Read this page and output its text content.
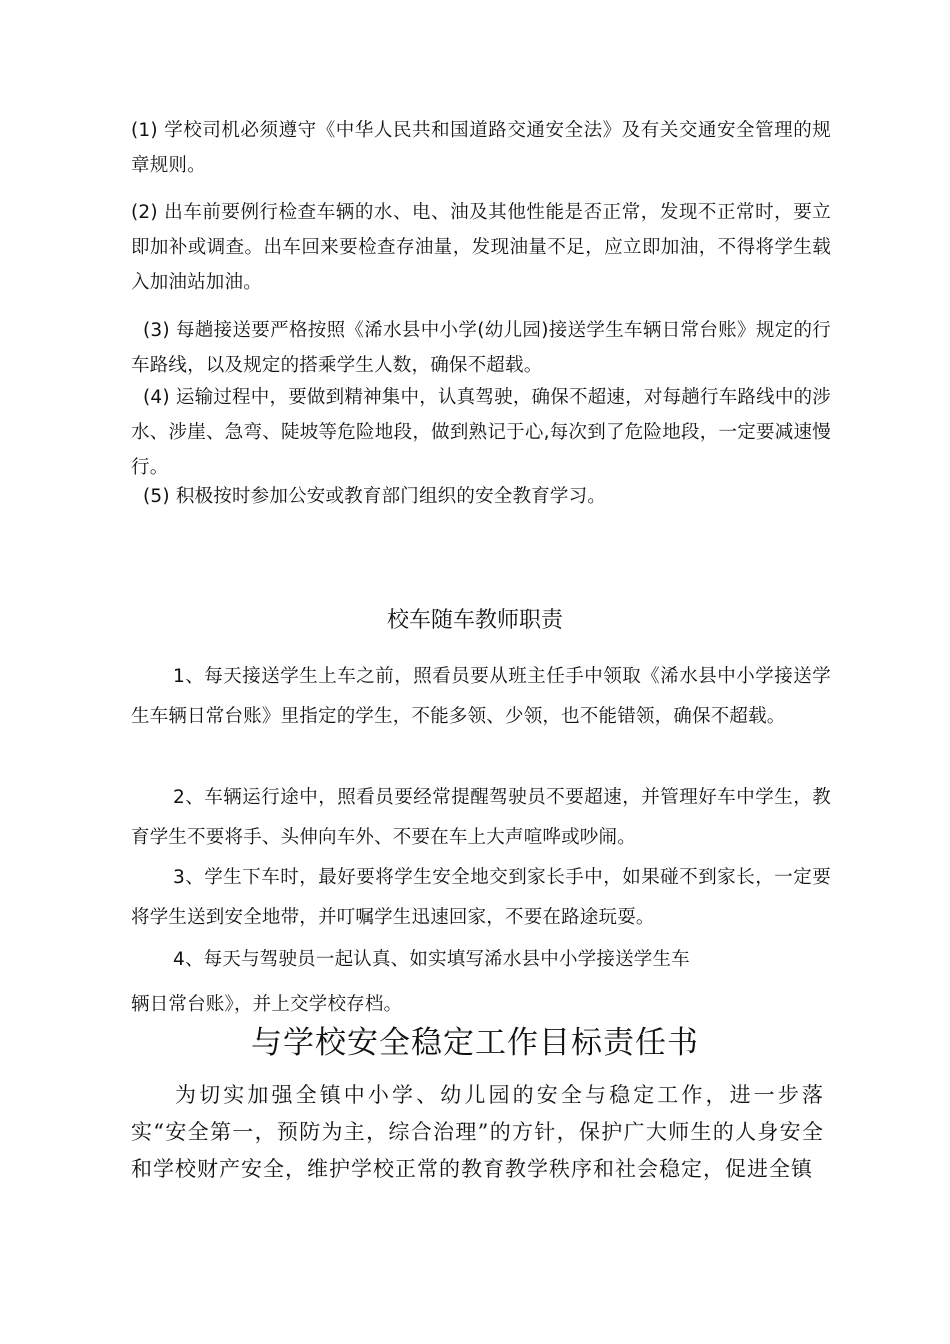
(1) 学校司机必须遵守《中华人民共和国道路交通安全法》及有关交通安全管理的规章规则。
(2) 出车前要例行检查车辆的水、电、油及其他性能是否正常，发现不正常时，要立即加补或调查。出车回来要检查存油量，发现油量不足，应立即加油，不得将学生载入加油站加油。
(3) 每趟接送要严格按照《浠水县中小学(幼儿园)接送学生车辆日常台账》规定的行车路线，以及规定的搭乘学生人数，确保不超载。
(4) 运输过程中，要做到精神集中，认真驾驶，确保不超速，对每趟行车路线中的涉水、涉崖、急弯、陡坡等危险地段，做到熟记于心,每次到了危险地段，一定要减速慢行。
(5) 积极按时参加公安或教育部门组织的安全教育学习。
校车随车教师职责
1、每天接送学生上车之前，照看员要从班主任手中领取《浠水县中小学接送学生车辆日常台账》里指定的学生，不能多领、少领，也不能错领，确保不超载。
2、车辆运行途中，照看员要经常提醒驾驶员不要超速，并管理好车中学生，教育学生不要将手、头伸向车外、不要在车上大声喧哗或吵闹。
3、学生下车时，最好要将学生安全地交到家长手中，如果碰不到家长，一定要将学生送到安全地带，并叮嘱学生迅速回家，不要在路途玩耍。
4、每天与驾驶员一起认真、如实填写浠水县中小学接送学生车
辆日常台账》，并上交学校存档。
与学校安全稳定工作目标责任书
为切实加强全镇中小学、幼儿园的安全与稳定工作，进一步落实“安全第一，预防为主，综合治理”的方针，保护广大师生的人身安全和学校财产安全，维护学校正常的教育教学秩序和社会稳定，促进全镇
